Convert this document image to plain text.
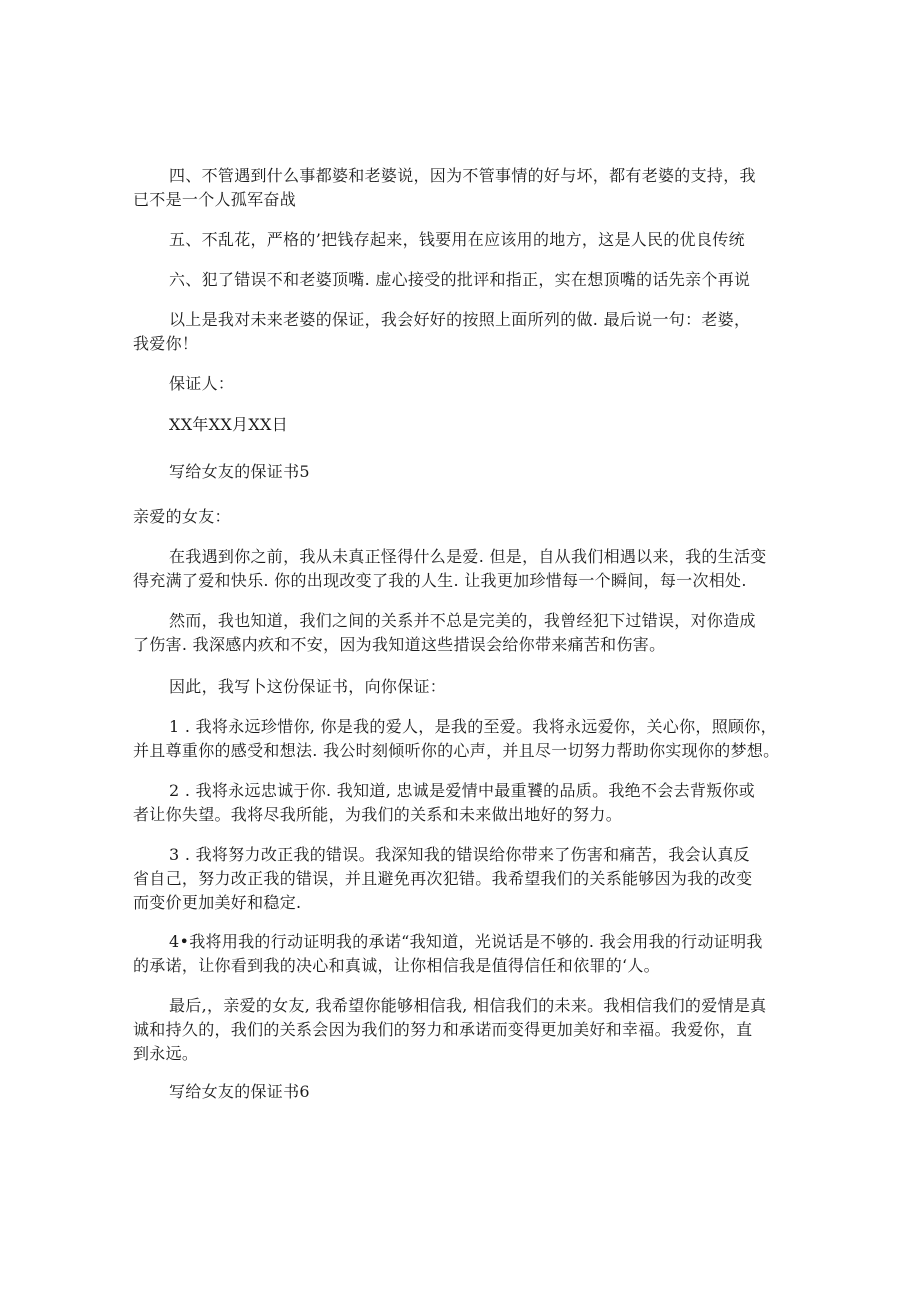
四、不管遇到什么事都婆和老婆说，因为不管事情的好与坏，都有老婆的支持，我
已不是一个人孤军奋战
五、不乱花，严格的’把钱存起来，钱要用在应该用的地方，这是人民的优良传统
六、犯了错误不和老婆顶嘴. 虚心接受的批评和指正，实在想顶嘴的话先亲个再说
以上是我对未来老婆的保证，我会好好的按照上面所列的做. 最后说一句：老婆，
我爱你！
保证人：
XX年XX月XX日
写给女友的保证书5
亲爱的女友：
在我遇到你之前，我从未真正怪得什么是爱. 但是，自从我们相遇以来，我的生活变
得充满了爱和快乐. 你的出现改变了我的人生. 让我更加珍惜每一个瞬间，每一次相处.
然而，我也知道，我们之间的关系并不总是完美的，我曾经犯下过错误，对你造成
了伤害. 我深感内疚和不安，因为我知道这些措误会给你带来痛苦和伤害。
因此，我写卜这份保证书，向你保证：
1 . 我将永远珍惜你, 你是我的爱人，是我的至爱。我将永远爱你，关心你，照顾你，
并且尊重你的感受和想法. 我公时刻倾听你的心声，并且尽一切努力帮助你实现你的梦想。
2 . 我将永远忠诚于你. 我知道, 忠诚是爱情中最重饕的品质。我绝不会去背叛你或
者让你失望。我将尽我所能，为我们的关系和未来做出地好的努力。
3 . 我将努力改正我的错误。我深知我的错误给你带来了伤害和痛苦，我会认真反
省自己，努力改正我的错误，并且避免再次犯错。我希望我们的关系能够因为我的改变
而变价更加美好和稳定.
4•我将用我的行动证明我的承诺“我知道，光说话是不够的. 我会用我的行动证明我
的承诺，让你看到我的决心和真诚，让你相信我是值得信任和依罪的‘人。
最后,，亲爱的女友, 我希望你能够相信我, 相信我们的未来。我相信我们的爱情是真
诚和持久的，我们的关系会因为我们的努力和承诺而变得更加美好和幸福。我爱你，直
到永远。
写给女友的保证书6
